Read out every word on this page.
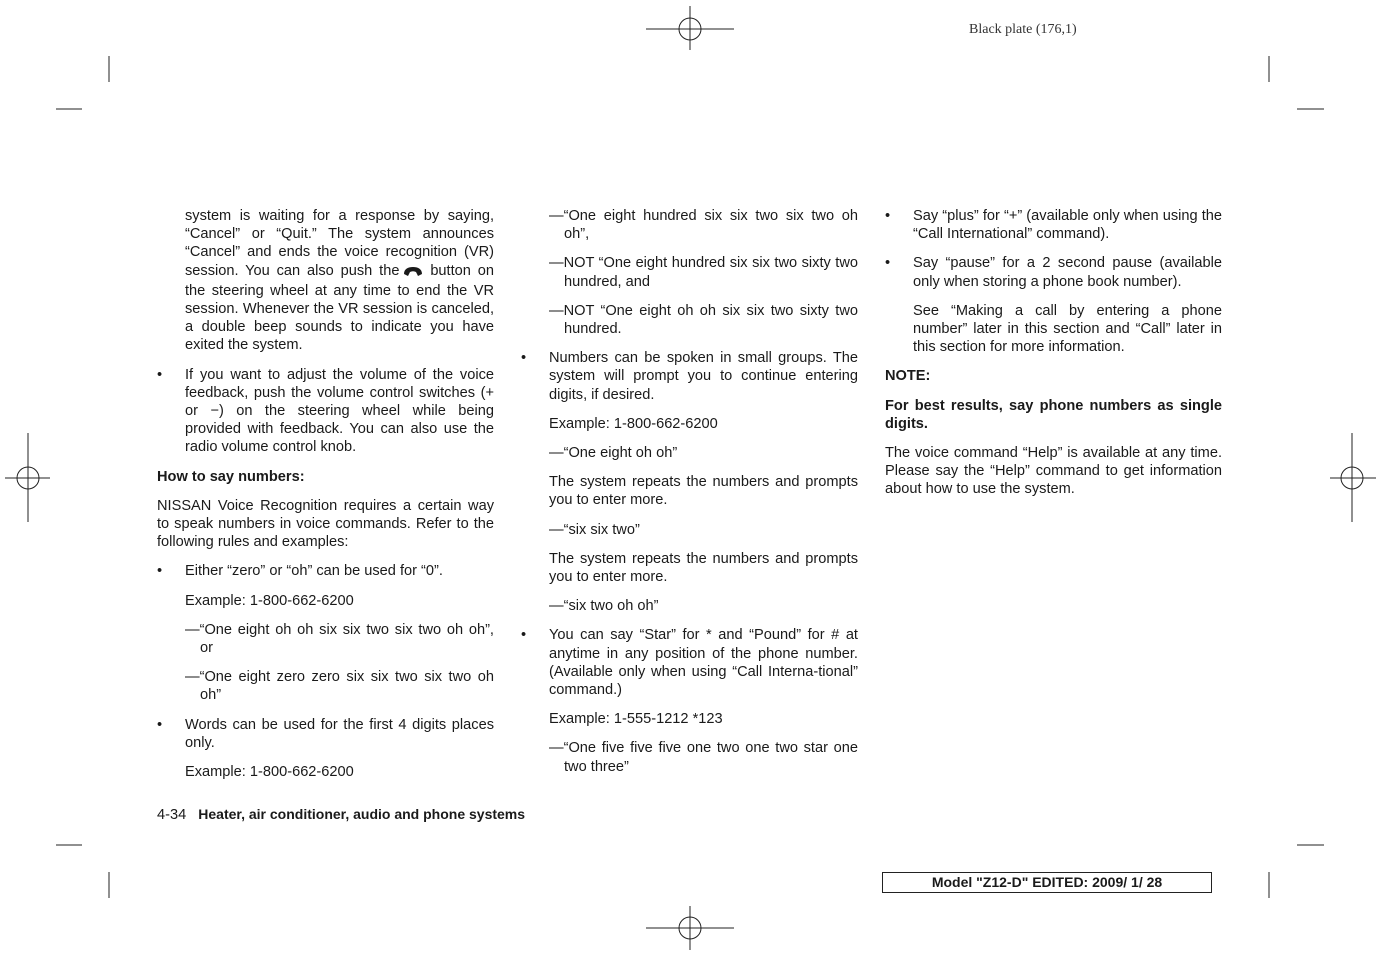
Black plate (176,1)

system is waiting for a response by saying, “Cancel” or “Quit.” The system announces “Cancel” and ends the voice recognition (VR) session. You can also push the button on the steering wheel at any time to end the VR session. Whenever the VR session is canceled, a double beep sounds to indicate you have exited the system.

• If you want to adjust the volume of the voice feedback, push the volume control switches (+ or −) on the steering wheel while being provided with feedback. You can also use the radio volume control knob.

How to say numbers:

NISSAN Voice Recognition requires a certain way to speak numbers in voice commands. Refer to the following rules and examples:

• Either “zero” or “oh” can be used for “0”.

Example: 1-800-662-6200

—“One eight oh oh six six two six two oh oh”, or

—“One eight zero zero six six two six two oh oh”

• Words can be used for the first 4 digits places only.

Example: 1-800-662-6200

—“One eight hundred six six two six two oh oh”,

—NOT “One eight hundred six six two sixty two hundred, and

—NOT “One eight oh oh six six two sixty two hundred.

• Numbers can be spoken in small groups. The system will prompt you to continue entering digits, if desired.

Example: 1-800-662-6200

—“One eight oh oh”

The system repeats the numbers and prompts you to enter more.

—“six six two”

The system repeats the numbers and prompts you to enter more.

—“six two oh oh”

• You can say “Star” for * and “Pound” for # at anytime in any position of the phone number. (Available only when using “Call Interna-tional” command.)

Example: 1-555-1212 *123

—“One five five five one two one two star one two three”

• Say “plus” for “+” (available only when using the “Call International” command).
• Say “pause” for a 2 second pause (available only when storing a phone book number).

See “Making a call by entering a phone number” later in this section and “Call” later in this section for more information.

NOTE:

For best results, say phone numbers as single digits.

The voice command “Help” is available at any time. Please say the “Help” command to get information about how to use the system.

4-34 Heater, air conditioner, audio and phone systems
Model "Z12-D" EDITED: 2009/ 1/ 28
